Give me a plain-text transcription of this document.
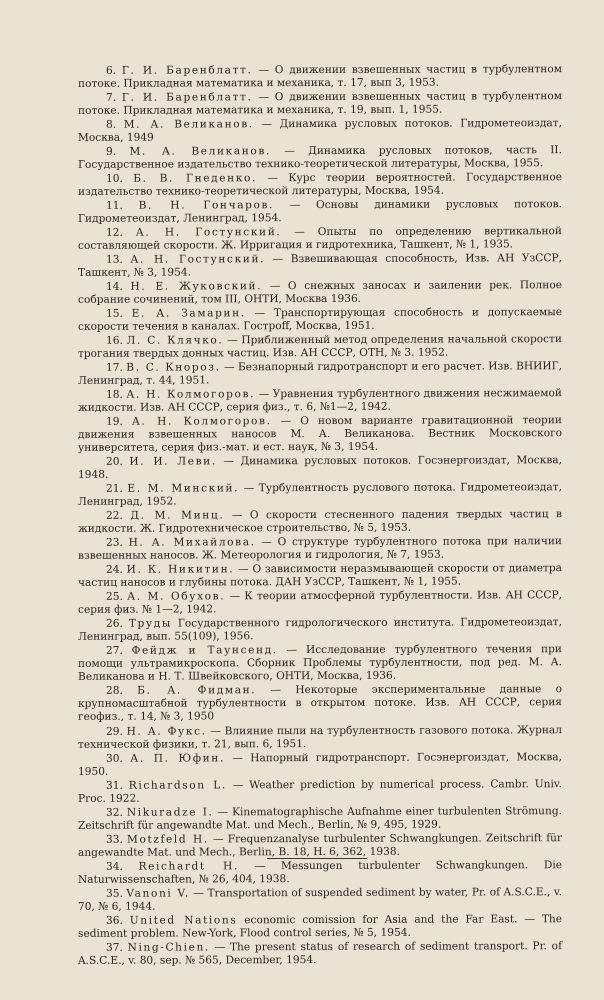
6. Г. И. Баренблатт. — О движении взвешенных частиц в турбулентном потоке. Прикладная математика и механика, т. 17, вып 3, 1953.
7. Г. И. Баренблатт. — О движении взвешенных частиц в турбулентном потоке. Прикладная математика и механика, т. 19, вып. 1, 1955.
8. М. А. Великанов. — Динамика русловых потоков. Гидрометеоиздат, Москва, 1949
9. М. А. Великанов. — Динамика русловых потоков, часть II. Государственное издательство технико-теоретической литературы, Москва, 1955.
10. Б. В. Гнеденко. — Курс теории вероятностей. Государственное издательство технико-теоретической литературы, Москва, 1954.
11. В. Н. Гончаров. — Основы динамики русловых потоков. Гидрометеоиздат, Ленинград, 1954.
12. А. Н. Гостунский. — Опыты по определению вертикальной составляющей скорости. Ж. Ирригация и гидротехника, Ташкент, № 1, 1935.
13. А. Н. Гостунский. — Взвешивающая способность, Изв. АН УзССР, Ташкент, № 3, 1954.
14. Н. Е. Жуковский. — О снежных заносах и заилении рек. Полное собрание сочинений, том III, ОНТИ, Москва 1936.
15. Е. А. Замарин. — Транспортирующая способность и допускаемые скорости течения в каналах. Гострoff, Москва, 1951.
16. Л. С. Клячко. — Приближенный метод определения начальной скорости трогания твердых донных частиц. Изв. АН СССР, ОТН, № 3. 1952.
17. В. С. Кнороз. — Безнапорный гидротранспорт и его расчет. Изв. ВНИИГ, Ленинград, т. 44, 1951.
18. А. Н. Колмогоров. — Уравнения турбулентного движения несжимаемой жидкости. Изв. АН СССР, серия физ., т. 6, №1—2, 1942.
19. А. Н. Колмогоров. — О новом варианте гравитационной теории движения взвешенных наносов М. А. Великанова. Вестник Московского университета, серия физ.-мат. и ест. наук, № 3, 1954.
20. И. И. Леви. — Динамика русловых потоков. Госэнергоиздат, Москва, 1948.
21. Е. М. Минский. — Турбулентность руслового потока. Гидрометеоиздат, Ленинград, 1952.
22. Д. М. Минц. — О скорости стесненного падения твердых частиц в жидкости. Ж. Гидротехническое строительство, № 5, 1953.
23. Н. А. Михайлова. — О структуре турбулентного потока при наличии взвешенных наносов. Ж. Метеорология и гидрология, № 7, 1953.
24. И. К. Никитин. — О зависимости неразмывающей скорости от диаметра частиц наносов и глубины потока. ДАН УзССР, Ташкент, № 1, 1955.
25. А. М. Обухов. — К теории атмосферной турбулентности. Изв. АН СССР, серия физ. № 1—2, 1942.
26. Труды Государственного гидрологического института. Гидрометеоиздат, Ленинград, вып. 55(109), 1956.
27. Фейдж и Таунсенд. — Исследование турбулентного течения при помощи ультрамикроскопа. Сборник Проблемы турбулентности, под ред. М. А. Великанова и Н. Т. Швейковского, ОНТИ, Москва, 1936.
28. Б. А. Фидман. — Некоторые экспериментальные данные о крупномасштабной турбулентности в открытом потоке. Изв. АН СССР, серия геофиз., т. 14, № 3, 1950
29. Н. А. Фукс. — Влияние пыли на турбулентность газового потока. Журнал технической физики, т. 21, вып. 6, 1951.
30. А. П. Юфин. — Напорный гидротранспорт. Госэнергоиздат, Москва, 1950.
31. Richardson L. — Weather prediction by numerical process. Cambr. Univ. Proc. 1922.
32. Nikuradze I. — Kinematographische Aufnahme einer turbulenten Strömung. Zeitschrift für angewandte Mat. und Mech., Berlin, № 9, 495, 1929.
33. Motzfeld H. — Frequenzanalyse turbulenter Schwangkungen. Zeitschrift für angewandte Mat. und Mech., Berlin, B. 18, H. 6, 362, 1938.
34. Reichardt H. — Messungen turbulenter Schwangkungen. Die Naturwissenschaften, № 26, 404, 1938.
35. Vanoni V. — Transportation of suspended sediment by water, Pr. of A.S.C.E., v. 70, № 6, 1944.
36. United Nations economic comission for Asia and the Far East. — The sediment problem. New-York, Flood control series, № 5, 1954.
37. Ning-Chien. — The present status of research of sediment transport. Pr. of A.S.C.E., v. 80, sep. № 565, December, 1954.
